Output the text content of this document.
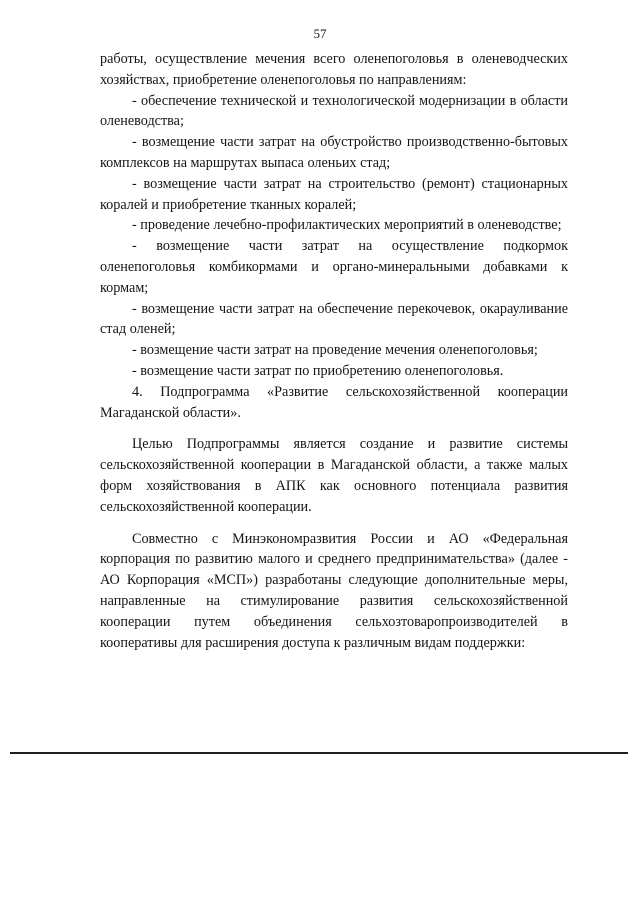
57

работы, осуществление мечения всего оленепоголовья в оленеводческих хозяйствах, приобретение оленепоголовья по направлениям:

- обеспечение технической и технологической модернизации в области оленеводства;

- возмещение части затрат на обустройство производственно-бытовых комплексов на маршрутах выпаса оленьих стад;

- возмещение части затрат на строительство (ремонт) стационарных коралей и приобретение тканных коралей;

- проведение лечебно-профилактических мероприятий в оленеводстве;

- возмещение части затрат на осуществление подкормок оленепоголовья комбикормами и органо-минеральными добавками к кормам;

- возмещение части затрат на обеспечение перекочевок, окарауливание стад оленей;

- возмещение части затрат на проведение мечения оленепоголовья;

- возмещение части затрат по приобретению оленепоголовья.

4. Подпрограмма «Развитие сельскохозяйственной кооперации Магаданской области».

Целью Подпрограммы является создание и развитие системы сельскохозяйственной кооперации в Магаданской области, а также малых форм хозяйствования в АПК как основного потенциала развития сельскохозяйственной кооперации.

Совместно с Минэкономразвития России и АО «Федеральная корпорация по развитию малого и среднего предпринимательства» (далее - АО Корпорация «МСП») разработаны следующие дополнительные меры, направленные на стимулирование развития сельскохозяйственной кооперации путем объединения сельхозтоваропроизводителей в кооперативы для расширения доступа к различным видам поддержки:
